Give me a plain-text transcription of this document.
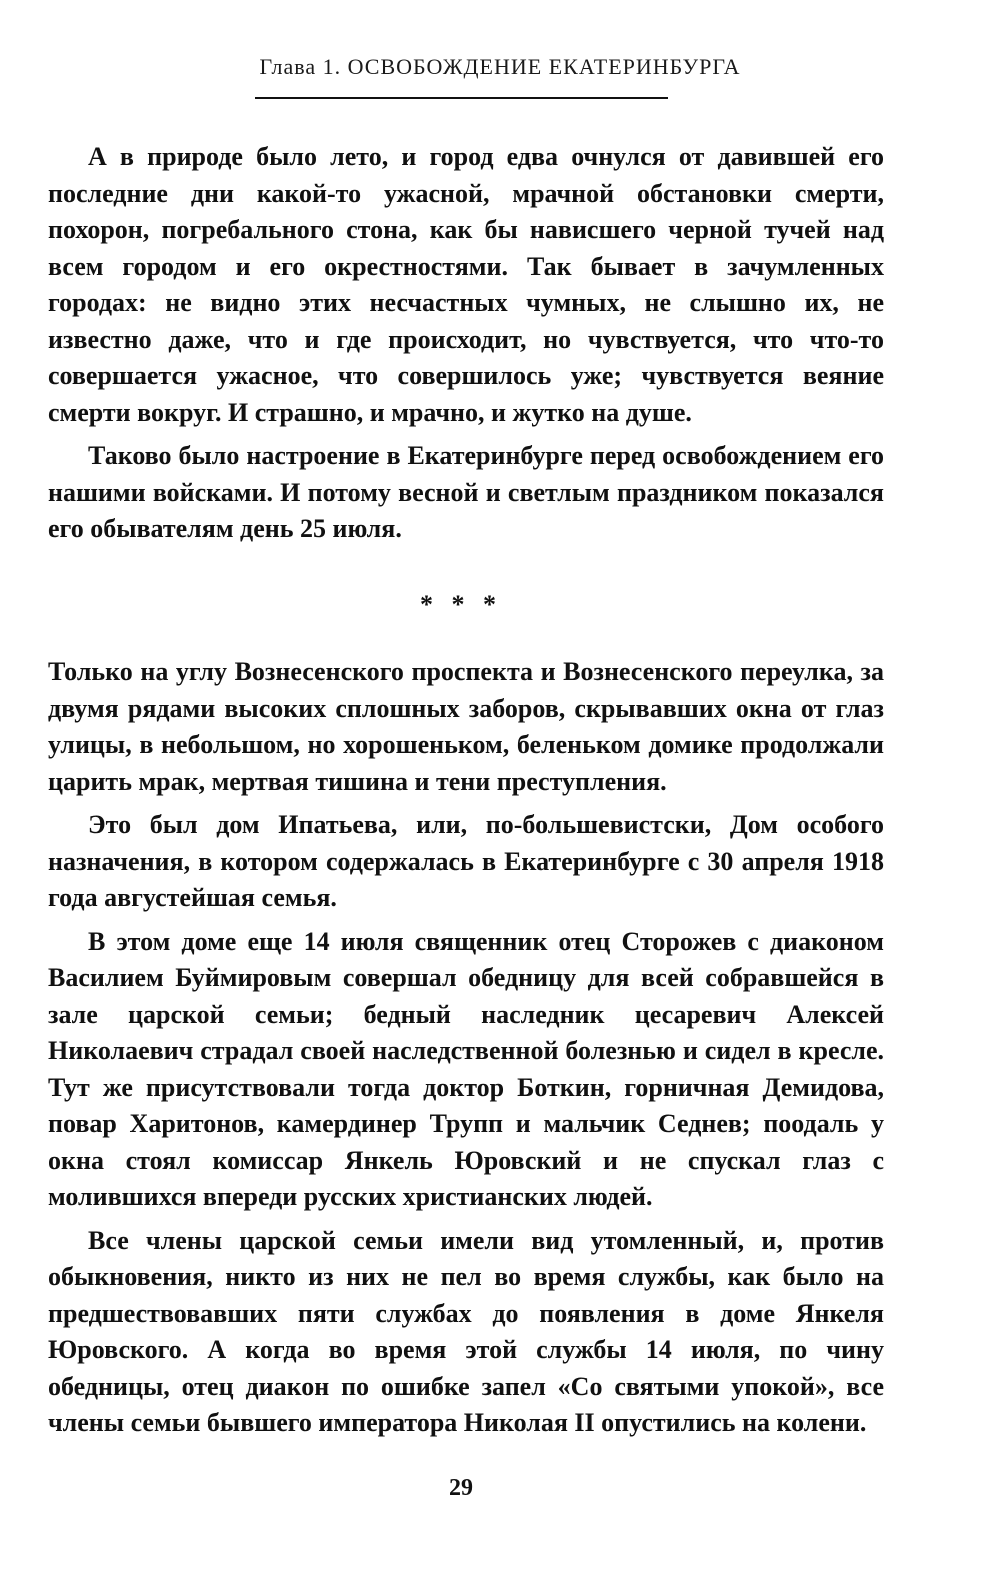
Глава 1. ОСВОБОЖДЕНИЕ ЕКАТЕРИНБУРГА

А в природе было лето, и город едва очнулся от давившей его последние дни какой-то ужасной, мрачной обстановки смерти, похорон, погребального стона, как бы нависшего черной тучей над всем городом и его окрестностями. Так бывает в зачумленных городах: не видно этих несчастных чумных, не слышно их, не известно даже, что и где происходит, но чувствуется, что что-то совершается ужасное, что совершилось уже; чувствуется веяние смерти вокруг. И страшно, и мрачно, и жутко на душе.

Таково было настроение в Екатеринбурге перед освобождением его нашими войсками. И потому весной и светлым праздником показался его обывателям день 25 июля.

* * *

Только на углу Вознесенского проспекта и Вознесенского переулка, за двумя рядами высоких сплошных заборов, скрывавших окна от глаз улицы, в небольшом, но хорошеньком, беленьком домике продолжали царить мрак, мертвая тишина и тени преступления.

Это был дом Ипатьева, или, по-большевистски, Дом особого назначения, в котором содержалась в Екатеринбурге с 30 апреля 1918 года августейшая семья.

В этом доме еще 14 июля священник отец Сторожев с диаконом Василием Буймировым совершал обедницу для всей собравшейся в зале царской семьи; бедный наследник цесаревич Алексей Николаевич страдал своей наследственной болезнью и сидел в кресле. Тут же присутствовали тогда доктор Боткин, горничная Демидова, повар Харитонов, камердинер Трупп и мальчик Седнев; поодаль у окна стоял комиссар Янкель Юровский и не спускал глаз с молившихся впереди русских христианских людей.

Все члены царской семьи имели вид утомленный, и, против обыкновения, никто из них не пел во время службы, как было на предшествовавших пяти службах до появления в доме Янкеля Юровского. А когда во время этой службы 14 июля, по чину обедницы, отец диакон по ошибке запел «Со святыми упокой», все члены семьи бывшего императора Николая II опустились на колени.

29
